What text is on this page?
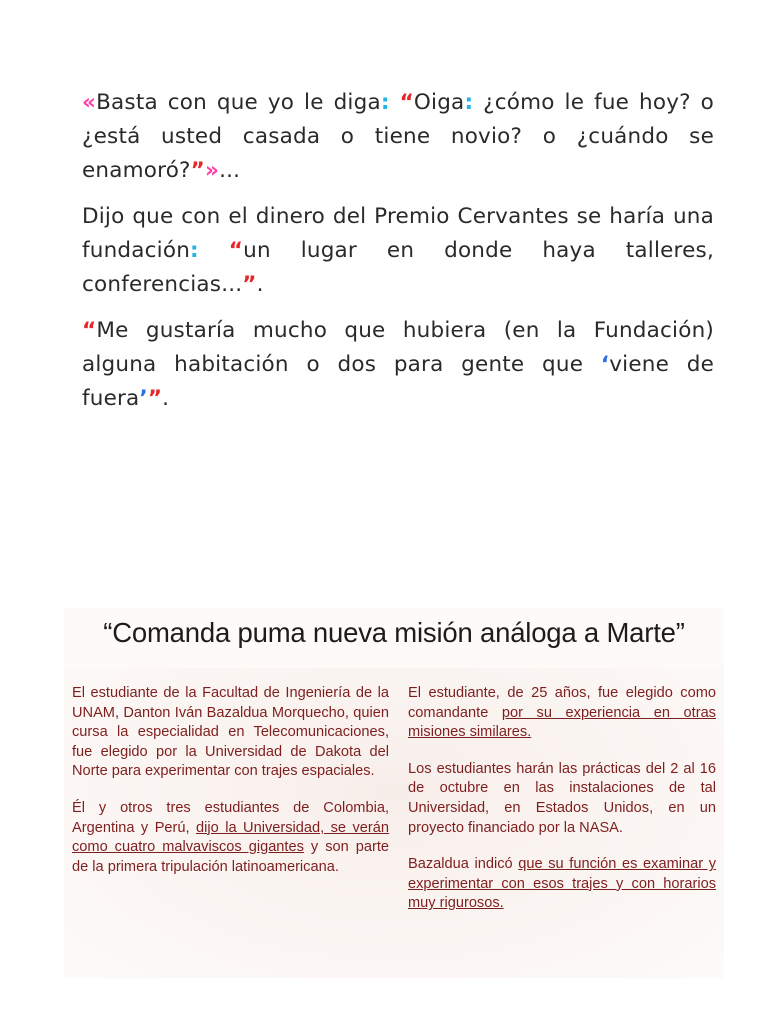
«Basta con que yo le diga: “Oiga: ¿cómo le fue hoy? o ¿está usted casada o tiene novio? o ¿cuándo se enamoró?”»...

Dijo que con el dinero del Premio Cervantes se haría una fundación: “un lugar en donde haya talleres, conferencias...”.

“Me gustaría mucho que hubiera (en la Fundación) alguna habitación o dos para gente que ‘viene de fuera’”.

“Comanda puma nueva misión análoga a Marte”

El estudiante de la Facultad de Ingeniería de la UNAM, Danton Iván Bazaldua Morquecho, quien cursa la especialidad en Telecomunicaciones, fue elegido por la Universidad de Dakota del Norte para experimentar con trajes espaciales.

Él y otros tres estudiantes de Colombia, Argentina y Perú, dijo la Universidad, se verán como cuatro malvaviscos gigantes y son parte de la primera tripulación latinoamericana.

El estudiante, de 25 años, fue elegido como comandante por su experiencia en otras misiones similares.

Los estudiantes harán las prácticas del 2 al 16 de octubre en las instalaciones de tal Universidad, en Estados Unidos, en un proyecto financiado por la NASA.

Bazaldua indicó que su función es examinar y experimentar con esos trajes y con horarios muy rigurosos.
